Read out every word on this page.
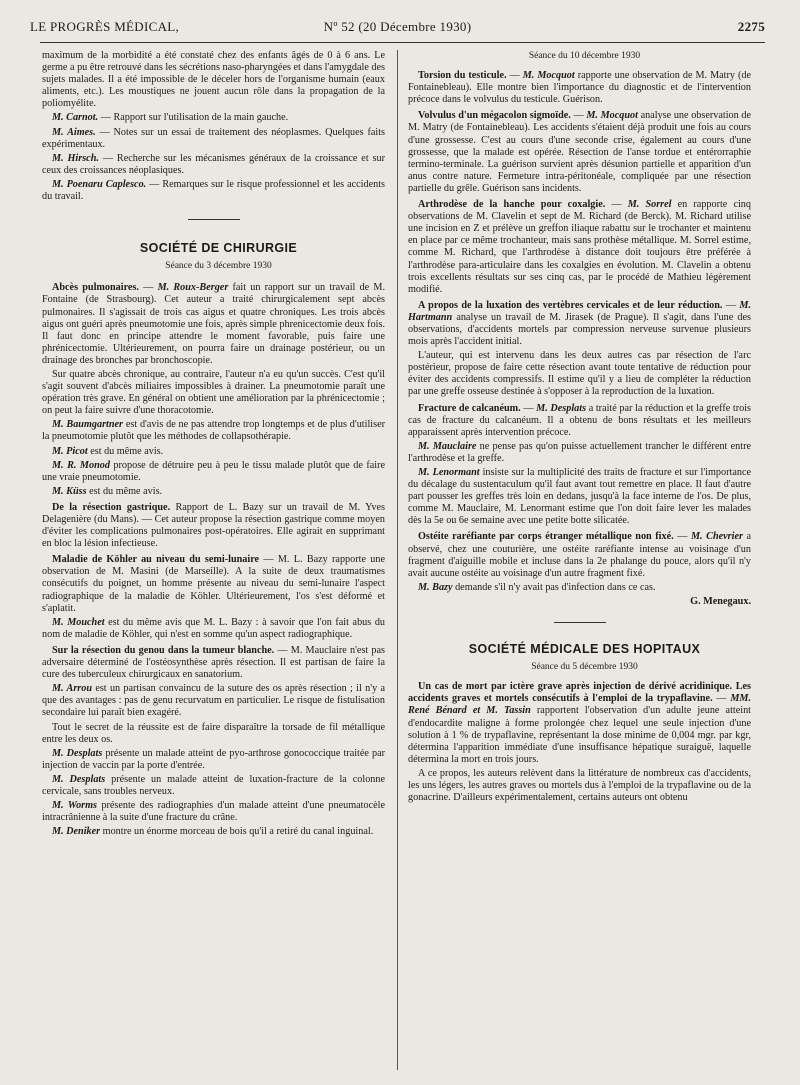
LE PROGRÈS MÉDICAL,	Nº 52 (20 Décembre 1930)	2275

maximum de la morbidité a été constaté chez des enfants âgés de 0 à 6 ans. Le germe a pu être retrouvé dans les sécrétions naso-pharyngées et dans l'amygdale des sujets malades. Il a été impossible de le déceler hors de l'organisme humain (eaux aliments, etc.). Les moustiques ne jouent aucun rôle dans la propagation de la poliomyélite.

M. Carnot. — Rapport sur l'utilisation de la main gauche.

M. Aimes. — Notes sur un essai de traitement des néoplasmes. Quelques faits expérimentaux.

M. Hirsch. — Recherche sur les mécanismes généraux de la croissance et sur ceux des croissances néoplasiques.

M. Poenaru Caplesco. — Remarques sur le risque professionnel et les accidents du travail.

SOCIÉTÉ DE CHIRURGIE

Séance du 3 décembre 1930

Abcès pulmonaires. — M. Roux-Berger fait un rapport sur un travail de M. Fontaine (de Strasbourg). Cet auteur a traité chirurgicalement sept abcès pulmonaires. Il s'agissait de trois cas aigus et quatre chroniques. Les trois abcès aigus ont guéri après pneumotomie une fois, après simple phrenicectomie deux fois. Il faut donc en principe attendre le moment favorable, puis faire une phrénicectomie. Ultérieurement, on pourra faire un drainage postérieur, ou un drainage des bronches par bronchoscopie.

Sur quatre abcès chronique, au contraire, l'auteur n'a eu qu'un succès. C'est qu'il s'agit souvent d'abcès miliaires impossibles à drainer. La pneumotomie paraît une opération très grave. En général on obtient une amélioration par la phrénicectomie ; on peut la faire suivre d'une thoracotomie.

M. Baumgartner est d'avis de ne pas attendre trop longtemps et de plus d'utiliser la pneumotomie plutôt que les méthodes de collapsothérapie.

M. Picot est du même avis.

M. R. Monod propose de détruire peu à peu le tissu malade plutôt que de faire une vraie pneumotomie.

M. Küss est du même avis.

De la résection gastrique. Rapport de L. Bazy sur un travail de M. Yves Delagenière (du Mans). — Cet auteur propose la résection gastrique comme moyen d'éviter les complications pulmonaires post-opératoires. Elle agirait en supprimant en bloc la lésion infectieuse.

Maladie de Köhler au niveau du semi-lunaire — M. L. Bazy rapporte une observation de M. Masini (de Marseille). A la suite de deux traumatismes consécutifs du poignet, un homme présente au niveau du semi-lunaire l'aspect radiographique de la maladie de Köhler. Ultérieurement, l'os s'est déformé et s'aplatit.

M. Mouchet est du même avis que M. L. Bazy : à savoir que l'on fait abus du nom de maladie de Köhler, qui n'est en somme qu'un aspect radiographique.

Sur la résection du genou dans la tumeur blanche. — M. Mauclaire n'est pas adversaire déterminé de l'ostéosynthèse après résection. Il est partisan de faire la cure des tuberculeux chirurgicaux en sanatorium.

M. Arrou est un partisan convaincu de la suture des os après résection ; il n'y a que des avantages : pas de genu recurvatum en particulier. Le risque de fistulisation secondaire lui paraît bien exagéré.

Tout le secret de la réussite est de faire disparaître la torsade de fil métallique entre les deux os.

M. Desplats présente un malade atteint de pyo-arthrose gonococcique traitée par injection de vaccin par la porte d'entrée.

M. Desplats présente un malade atteint de luxation-fracture de la colonne cervicale, sans troubles nerveux.

M. Worms présente des radiographies d'un malade atteint d'une pneumatocèle intracrânienne à la suite d'une fracture du crâne.

M. Deniker montre un énorme morceau de bois qu'il a retiré du canal inguinal.

Séance du 10 décembre 1930

Torsion du testicule. — M. Mocquot rapporte une observation de M. Matry (de Fontainebleau). Elle montre bien l'importance du diagnostic et de l'intervention précoce dans le volvulus du testicule. Guérison.

Volvulus d'un mégacolon sigmoïde. — M. Mocquot analyse une observation de M. Matry (de Fontainebleau). Les accidents s'étaient déjà produit une fois au cours d'une grossesse. C'est au cours d'une seconde crise, également au cours d'une grossesse, que la malade est opérée. Résection de l'anse tordue et entérorraphie termino-terminale. La guérison survient après désunion partielle et apparition d'un anus contre nature. Fermeture intra-péritonéale, compliquée par une résection partielle du grêle. Guérison sans incidents.

Arthrodèse de la hanche pour coxalgie. — M. Sorrel en rapporte cinq observations de M. Clavelin et sept de M. Richard (de Berck). M. Richard utilise une incision en Z et prélève un greffon iliaque rabattu sur le trochanter et maintenu en place par ce même trochanteur, mais sans prothèse métallique. M. Sorrel estime, comme M. Richard, que l'arthrodèse à distance doit toujours être préférée à l'arthrodèse para-articulaire dans les coxalgies en évolution. M. Clavelin a obtenu trois excellents résultats sur ses cinq cas, par le procédé de Mathieu légèrement modifié.

A propos de la luxation des vertèbres cervicales et de leur réduction. — M. Hartmann analyse un travail de M. Jirasek (de Prague). Il s'agit, dans l'une des observations, d'accidents mortels par compression nerveuse survenue plusieurs mois après l'accident initial.

L'auteur, qui est intervenu dans les deux autres cas par résection de l'arc postérieur, propose de faire cette résection avant toute tentative de réduction pour éviter des accidents compressifs. Il estime qu'il y a lieu de compléter la réduction par une greffe osseuse destinée à s'opposer à la reproduction de la luxation.

Fracture de calcanéum. — M. Desplats a traité par la réduction et la greffe trois cas de fracture du calcanéum. Il a obtenu de bons résultats et les meilleurs apparaissent après intervention précoce.

M. Mauclaire ne pense pas qu'on puisse actuellement trancher le différent entre l'arthrodèse et la greffe.

M. Lenormant insiste sur la multiplicité des traits de fracture et sur l'importance du décalage du sustentaculum qu'il faut avant tout remettre en place. Il faut d'autre part pousser les greffes très loin en dedans, jusqu'à la face interne de l'os. De plus, comme M. Mauclaire, M. Lenormant estime que l'on doit faire lever les malades dès la 5e ou 6e semaine avec une petite botte silicatée.

Ostéite raréfiante par corps étranger métallique non fixé. — M. Chevrier a observé, chez une couturière, une ostéite raréfiante intense au voisinage d'un fragment d'aiguille mobile et incluse dans la 2e phalange du pouce, alors qu'il n'y avait aucune ostéite au voisinage d'un autre fragment fixé.

M. Bazy demande s'il n'y avait pas d'infection dans ce cas.

G. Menegaux.

SOCIÉTÉ MÉDICALE DES HOPITAUX

Séance du 5 décembre 1930

Un cas de mort par ictère grave après injection de dérivé acridinique. Les accidents graves et mortels consécutifs à l'emploi de la trypaflavine. — MM. René Bénard et M. Tassin rapportent l'observation d'un adulte jeune atteint d'endocardite maligne à forme prolongée chez lequel une seule injection d'une solution à 1 % de trypaflavine, représentant la dose minime de 0,004 mgr. par kgr, détermina l'apparition immédiate d'une insuffisance hépatique suraiguë, laquelle détermina la mort en trois jours.

A ce propos, les auteurs relèvent dans la littérature de nombreux cas d'accidents, les uns légers, les autres graves ou mortels dus à l'emploi de la trypaflavine ou de la gonacrine. D'ailleurs expérimentalement, certains auteurs ont obtenu
